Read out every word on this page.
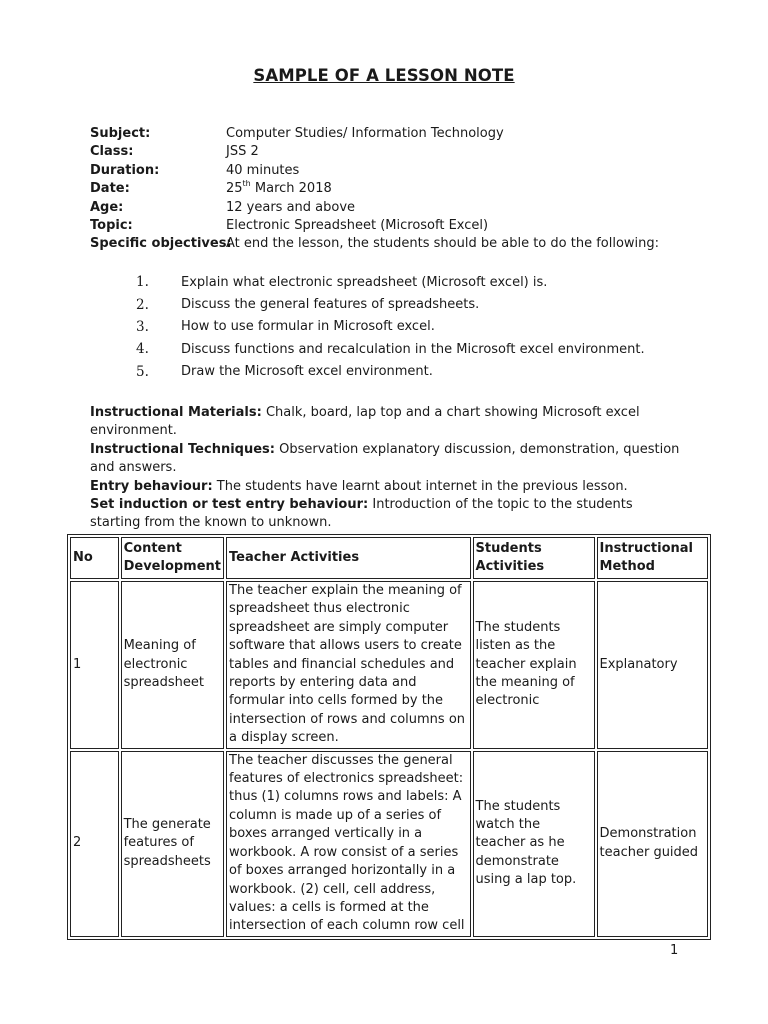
SAMPLE OF A LESSON NOTE
Subject:	Computer Studies/ Information Technology
Class:	JSS 2
Duration:	40 minutes
Date:	25th March 2018
Age:	12 years and above
Topic:	Electronic Spreadsheet (Microsoft Excel)
Specific objectives:
At end the lesson, the students should be able to do the following:
1.	Explain what electronic spreadsheet (Microsoft excel) is.
2.	Discuss the general features of spreadsheets.
3.	How to use formular in Microsoft excel.
4.	Discuss functions and recalculation in the Microsoft excel environment.
5.	Draw the Microsoft excel environment.

Instructional Materials: Chalk, board, lap top and a chart showing Microsoft excel environment.

Instructional Techniques: Observation explanatory discussion, demonstration, question and answers.

Entry behaviour: The students have learnt about internet in the previous lesson.

Set induction or test entry behaviour: Introduction of the topic to the students starting from the known to unknown.

No	Content Development	Teacher Activities	Students Activities	Instructional Method
1	Meaning of electronic spreadsheet	The teacher explain the meaning of spreadsheet thus electronic spreadsheet are simply computer software that allows users to create tables and financial schedules and reports by entering data and formular into cells formed by the intersection of rows and columns on a display screen.	The students listen as the teacher explain the meaning of electronic	Explanatory
2	The generate features of spreadsheets	The teacher discusses the general features of electronics spreadsheet: thus (1) columns rows and labels: A column is made up of a series of boxes arranged vertically in a workbook. A row consist of a series of boxes arranged horizontally in a workbook. (2) cell, cell address, values: a cells is formed at the intersection of each column row cell	The students watch the teacher as he demonstrate using a lap top.	Demonstration teacher guided
1
